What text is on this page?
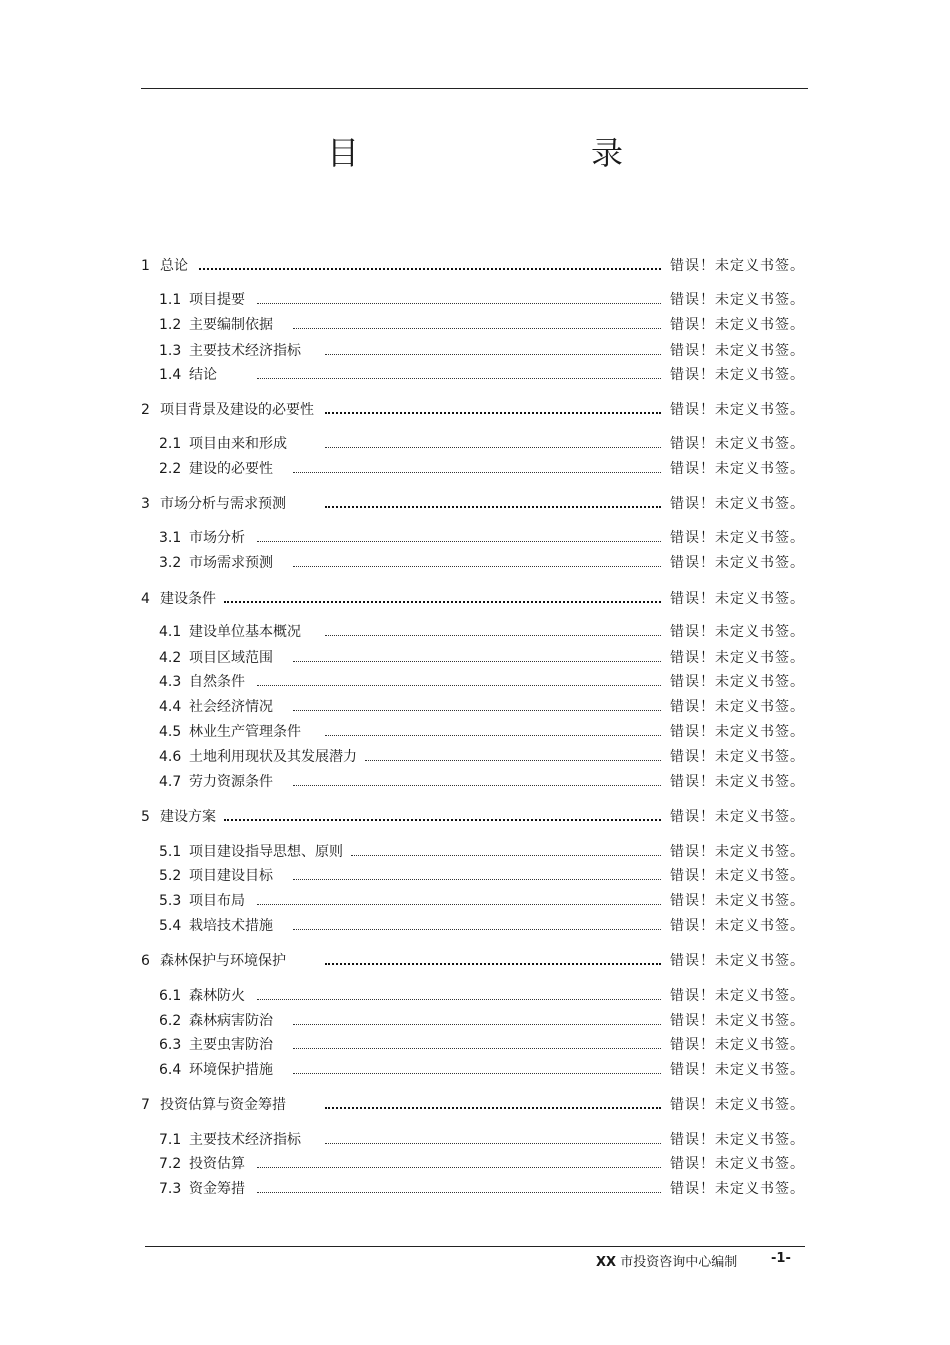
目　　录
1 总论	错误！未定义书签。
1.1 项目提要	错误！未定义书签。
1.2 主要编制依据	错误！未定义书签。
1.3 主要技术经济指标	错误！未定义书签。
1.4 结论	错误！未定义书签。
2 项目背景及建设的必要性	错误！未定义书签。
2.1 项目由来和形成	错误！未定义书签。
2.2 建设的必要性	错误！未定义书签。
3 市场分析与需求预测	错误！未定义书签。
3.1 市场分析	错误！未定义书签。
3.2 市场需求预测	错误！未定义书签。
4 建设条件	错误！未定义书签。
4.1 建设单位基本概况	错误！未定义书签。
4.2 项目区域范围	错误！未定义书签。
4.3 自然条件	错误！未定义书签。
4.4 社会经济情况	错误！未定义书签。
4.5 林业生产管理条件	错误！未定义书签。
4.6 土地利用现状及其发展潜力	错误！未定义书签。
4.7 劳力资源条件	错误！未定义书签。
5 建设方案	错误！未定义书签。
5.1 项目建设指导思想、原则	错误！未定义书签。
5.2 项目建设目标	错误！未定义书签。
5.3 项目布局	错误！未定义书签。
5.4 栽培技术措施	错误！未定义书签。
6 森林保护与环境保护	错误！未定义书签。
6.1 森林防火	错误！未定义书签。
6.2 森林病害防治	错误！未定义书签。
6.3 主要虫害防治	错误！未定义书签。
6.4 环境保护措施	错误！未定义书签。
7 投资估算与资金筹措	错误！未定义书签。
7.1 主要技术经济指标	错误！未定义书签。
7.2 投资估算	错误！未定义书签。
7.3 资金筹措	错误！未定义书签。
XX 市投资咨询中心编制	-1-
